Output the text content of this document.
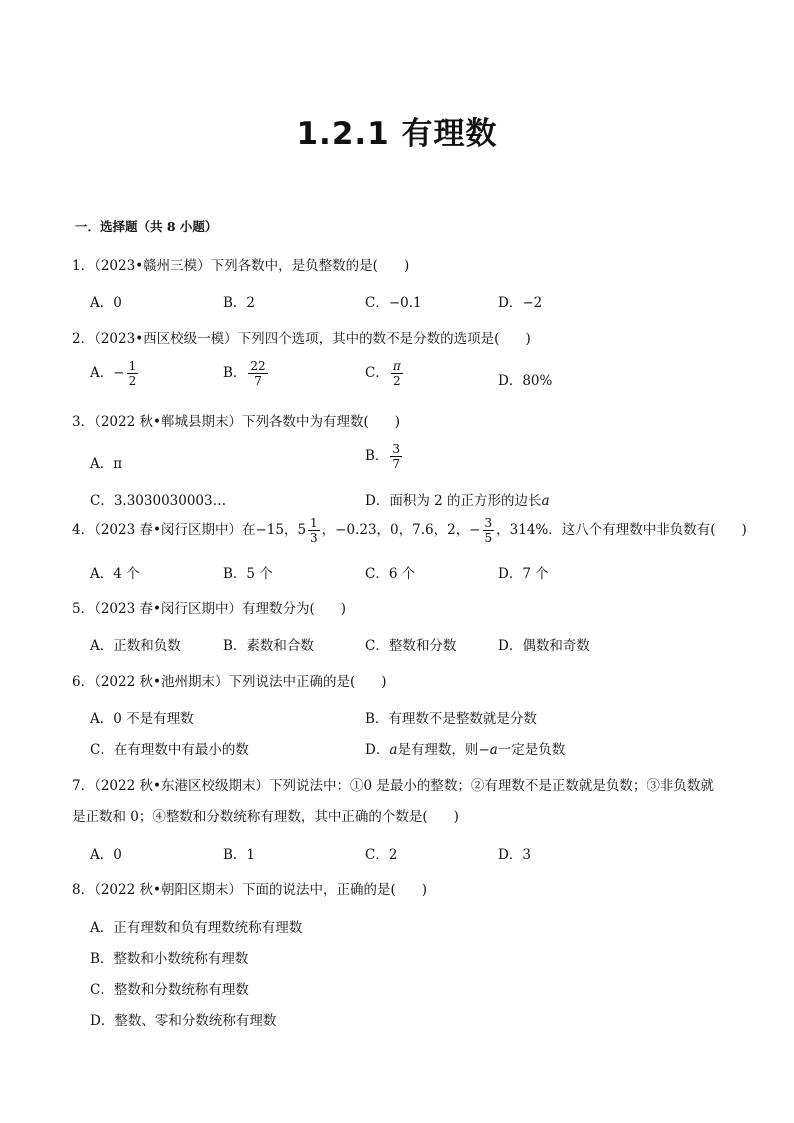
1.2.1 有理数
一．选择题（共 8 小题）
1．（2023•赣州三模）下列各数中，是负整数的是( )
A．0	B．2	C．−0.1	D．−2
2．（2023•西区校级一模）下列四个选项，其中的数不是分数的选项是( )
A．− $\frac{1}{2}$	B． $\frac{22}{7}$	C． $\frac{\pi}{2}$	D．80%
3．（2022 秋•郸城县期末）下列各数中为有理数( )
A．π	B． $\frac{3}{7}$
C．3.3030030003…	D．面积为 2 的正方形的边长a
4．（2023 春•闵行区期中）在−15，$5 \frac{1}{3}$ ，−0.23，0，7.6，2，− $\frac{3}{5}$ ，314%．这八个有理数中非负数有( )
A．4 个	B．5 个	C．6 个	D．7 个
5．（2023 春•闵行区期中）有理数分为( )
A．正数和负数	B．素数和合数	C．整数和分数	D．偶数和奇数
6．（2022 秋•池州期末）下列说法中正确的是( )
A．0 不是有理数	B．有理数不是整数就是分数
C．在有理数中有最小的数	D．a是有理数，则−a一定是负数
7．（2022 秋•东港区校级期末）下列说法中：①0 是最小的整数；②有理数不是正数就是负数；③非负数就
是正数和 0；④整数和分数统称有理数，其中正确的个数是( )
A．0	B．1	C．2	D．3
8．（2022 秋•朝阳区期末）下面的说法中，正确的是( )
A．正有理数和负有理数统称有理数
B．整数和小数统称有理数
C．整数和分数统称有理数
D．整数、零和分数统称有理数
